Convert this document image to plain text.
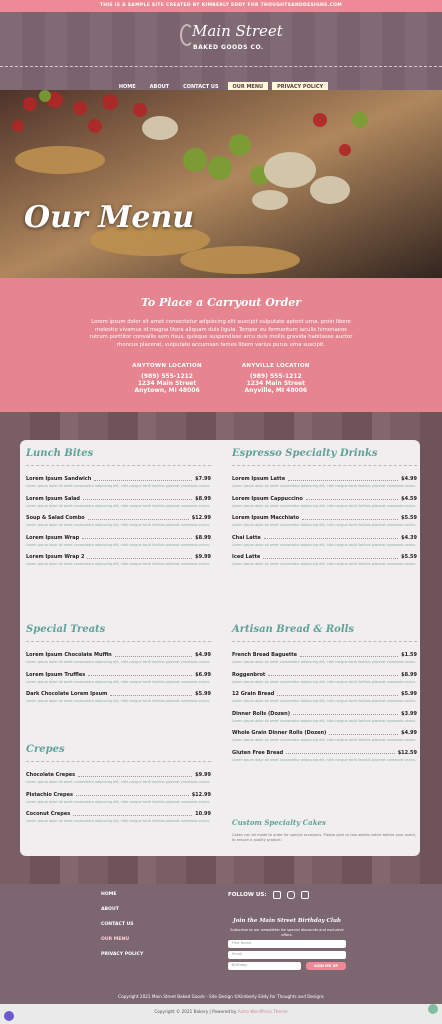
THIS IS A SAMPLE SITE CREATED BY KIMBERLY EDDY FOR THOUGHTSANDDESIGNS.COM
Main Street
BAKED GOODS CO.
HOME	ABOUT	CONTACT US	OUR MENU	PRIVACY POLICY
Our Menu
To Place a Carryout Order

Lorem ipsum dolor sit amet consectetur adipiscing elit suscipit vulputate aptent urna, proin libero molestie vivamus id magna litora aliquam duis ligula. Tempor eu fermentum iaculis himenaeos rutrum porttitor convallis sem risus, quisque suspendisse arcu duis mollis gravida habitasse auctor rhoncus placerat, vulputate accumsan fames libero varius purus urna suscipit.

ANYTOWN LOCATION
(989) 555-1212
1234 Main Street
Anytown, MI 48006
ANYVILLE LOCATION
(989) 555-1212
1234 Main Street
Anyville, MI 48006
Lunch Bites
Lorem Ipsum Sandwich	$7.99
Lorem ipsum dolor sit amet consectetur adipiscing elit, nibh congue taciti facilisis placerat commodo varius.
Lorem Ipsum Salad	$8.99
Lorem ipsum dolor sit amet consectetur adipiscing elit, nibh congue taciti facilisis placerat commodo varius.
Soup & Salad Combo	$12.99
Lorem ipsum dolor sit amet consectetur adipiscing elit, nibh congue taciti facilisis placerat commodo varius.
Lorem Ipsum Wrap	$8.99
Lorem ipsum dolor sit amet consectetur adipiscing elit, nibh congue taciti facilisis placerat commodo varius.
Lorem Ipsum Wrap 2	$9.99
Lorem ipsum dolor sit amet consectetur adipiscing elit, nibh congue taciti facilisis placerat commodo varius.
Espresso Specialty Drinks
Lorem Ipsum Latte	$4.99
Lorem ipsum dolor sit amet consectetur adipiscing elit, nibh congue taciti facilisis placerat commodo varius.
Lorem Ipsum Cappuccino	$4.59
Lorem ipsum dolor sit amet consectetur adipiscing elit, nibh congue taciti facilisis placerat commodo varius.
Lorem Ipsum Macchiato	$5.59
Lorem ipsum dolor sit amet consectetur adipiscing elit, nibh congue taciti facilisis placerat commodo varius.
Chai Latte	$4.39
Lorem ipsum dolor sit amet consectetur adipiscing elit, nibh congue taciti facilisis placerat commodo varius.
Iced Latte	$5.59
Lorem ipsum dolor sit amet consectetur adipiscing elit, nibh congue taciti facilisis placerat commodo varius.
Special Treats
Lorem Ipsum Chocolate Muffin	$4.99
Lorem ipsum dolor sit amet consectetur adipiscing elit, nibh congue taciti facilisis placerat commodo varius.
Lorem Ipsum Truffles	$6.99
Lorem ipsum dolor sit amet consectetur adipiscing elit, nibh congue taciti facilisis placerat commodo varius.
Dark Chocolate Lorem Ipsum	$5.99
Lorem ipsum dolor sit amet consectetur adipiscing elit, nibh congue taciti facilisis placerat commodo varius.
Artisan Bread & Rolls
French Bread Baguette	$1.59
Lorem ipsum dolor sit amet consectetur adipiscing elit, nibh congue taciti facilisis placerat commodo varius.
Roggenbrot	$8.99
Lorem ipsum dolor sit amet consectetur adipiscing elit, nibh congue taciti facilisis placerat commodo varius.
12 Grain Bread	$5.99
Lorem ipsum dolor sit amet consectetur adipiscing elit, nibh congue taciti facilisis placerat commodo varius.
Dinner Rolls (Dozen)	$3.99
Lorem ipsum dolor sit amet consectetur adipiscing elit, nibh congue taciti facilisis placerat commodo varius.
Whole Grain Dinner Rolls (Dozen)	$4.99
Lorem ipsum dolor sit amet consectetur adipiscing elit, nibh congue taciti facilisis placerat commodo varius.
Gluten Free Bread	$12.59
Lorem ipsum dolor sit amet consectetur adipiscing elit, nibh congue taciti facilisis placerat commodo varius.
Crepes
Chocolate Crepes	$9.99
Lorem ipsum dolor sit amet consectetur adipiscing elit, nibh congue taciti facilisis placerat commodo varius.
Pistachio Crepes	$12.99
Lorem ipsum dolor sit amet consectetur adipiscing elit, nibh congue taciti facilisis placerat commodo varius.
Coconut Crepes	10.99
Lorem ipsum dolor sit amet consectetur adipiscing elit, nibh congue taciti facilisis placerat commodo varius.	Custom Specialty Cakes

Cakes can be made to order for special occasions. Please give us two weeks notice before your event, to ensure a quality product.

HOME
ABOUT
CONTACT US
OUR MENU
PRIVACY POLICY
FOLLOW US:
Join the Main Street Birthday Club

Subscribe to our newsletter for special discounts and exclusive offers.

First Name
Email
Birthday	SIGN ME UP
Copyright 2021 Main Street Baked Goods - Site Design ©Kimberly Eddy for Thoughts and Designs
Copyright © 2021 Bakery | Powered by Astra WordPress Theme
